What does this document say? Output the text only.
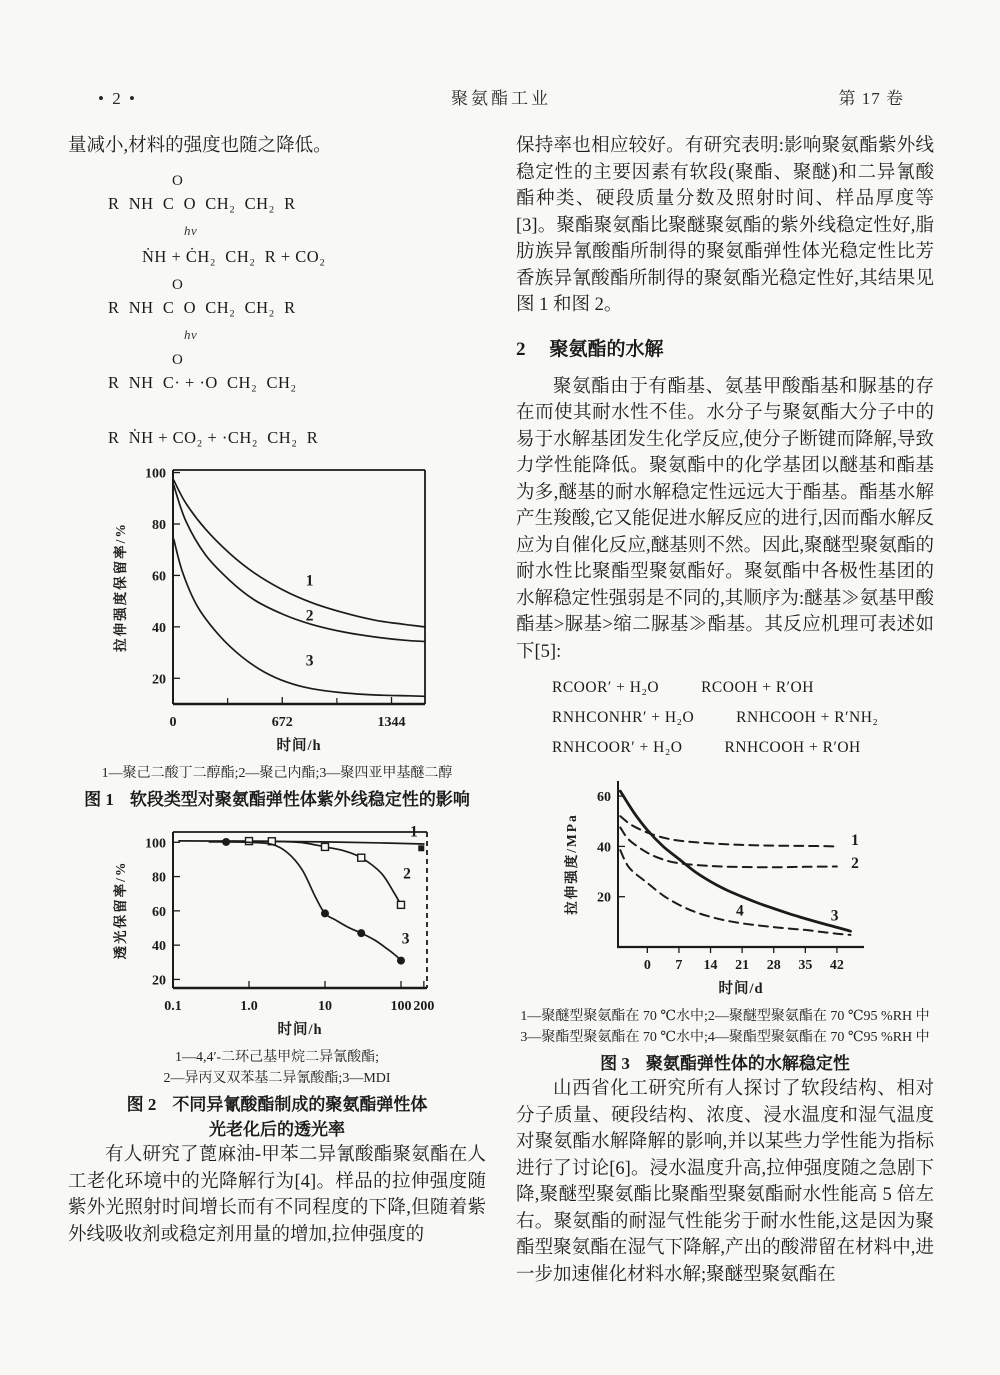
• 2 •	聚氨酯工业	第 17 卷

量减小,材料的强度也随之降低。

O
R  NH  C  O  CH₂  CH₂  R
hν
ṄH + ĊH₂  CH₂  R + CO₂
O
R  NH  C  O  CH₂  CH₂  R
hν
O
R  NH  C· + ·O  CH₂  CH₂
R  ṄH + CO₂ + ·CH₂  CH₂  R
100
80
60
40
20
0	672	1344
时间/h
拉伸强度保留率/%	1
2
3
1—聚己二酸丁二醇酯;2—聚己内酯;3—聚四亚甲基醚二醇
图 1 软段类型对聚氨酯弹性体紫外线稳定性的影响
100
80
60
40
20
0.1	1.0	10	100 200
时间/h
透光保留率/%
1
2
3
1—4,4′-二环己基甲烷二异氰酸酯;
2—异丙叉双苯基二异氰酸酯;3—MDI
图 2 不同异氰酸酯制成的聚氨酯弹性体
光老化后的透光率

有人研究了蓖麻油-甲苯二异氰酸酯聚氨酯在人工老化环境中的光降解行为[4]。样品的拉伸强度随紫外光照射时间增长而有不同程度的下降,但随着紫外线吸收剂或稳定剂用量的增加,拉伸强度的

保持率也相应较好。有研究表明:影响聚氨酯紫外线稳定性的主要因素有软段(聚酯、聚醚)和二异氰酸酯种类、硬段质量分数及照射时间、样品厚度等[3]。聚酯聚氨酯比聚醚聚氨酯的紫外线稳定性好,脂肪族异氰酸酯所制得的聚氨酯弹性体光稳定性比芳香族异氰酸酯所制得的聚氨酯光稳定性好,其结果见图 1 和图 2。

2 聚氨酯的水解

聚氨酯由于有酯基、氨基甲酸酯基和脲基的存在而使其耐水性不佳。水分子与聚氨酯大分子中的易于水解基团发生化学反应,使分子断键而降解,导致力学性能降低。聚氨酯中的化学基团以醚基和酯基为多,醚基的耐水解稳定性远远大于酯基。酯基水解产生羧酸,它又能促进水解反应的进行,因而酯水解反应为自催化反应,醚基则不然。因此,聚醚型聚氨酯的耐水性比聚酯型聚氨酯好。聚氨酯中各极性基团的水解稳定性强弱是不同的,其顺序为:醚基≫氨基甲酸酯基>脲基>缩二脲基≫酯基。其反应机理可表述如下[5]:

RCOOR′ + H₂O	RCOOH + R′OH
RNHCONHR′ + H₂O	RNHCOOH + R′NH₂
RNHCOOR′ + H₂O	RNHCOOH + R′OH
60
40
20
0 7 14 21 28 35 42
时间/d
拉伸强度/MPa	1
2
3
4
1—聚醚型聚氨酯在 70 ℃水中;2—聚醚型聚氨酯在 70 ℃95 %RH 中
3—聚酯型聚氨酯在 70 ℃水中;4—聚酯型聚氨酯在 70 ℃95 %RH 中
图 3 聚氨酯弹性体的水解稳定性

山西省化工研究所有人探讨了软段结构、相对分子质量、硬段结构、浓度、浸水温度和湿气温度对聚氨酯水解降解的影响,并以某些力学性能为指标进行了讨论[6]。浸水温度升高,拉伸强度随之急剧下降,聚醚型聚氨酯比聚酯型聚氨酯耐水性能高 5 倍左右。聚氨酯的耐湿气性能劣于耐水性能,这是因为聚酯型聚氨酯在湿气下降解,产出的酸滞留在材料中,进一步加速催化材料水解;聚醚型聚氨酯在
